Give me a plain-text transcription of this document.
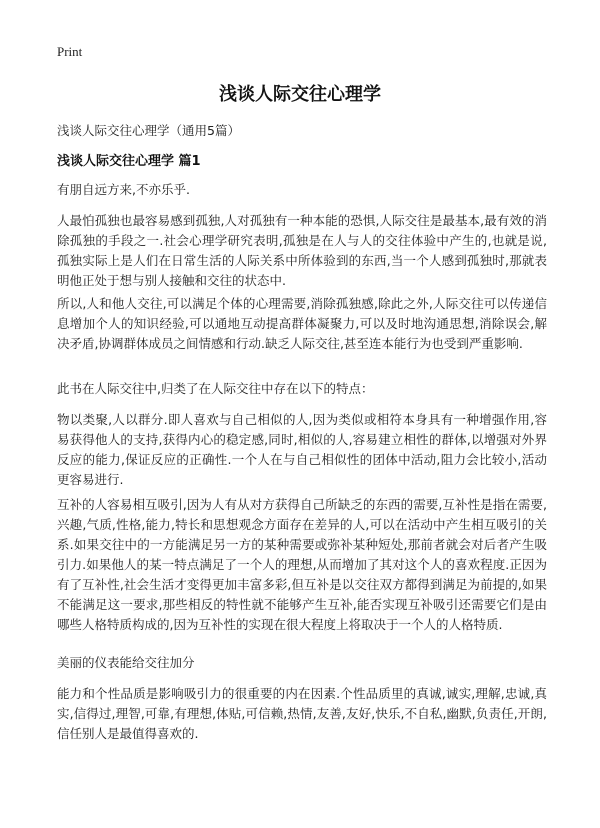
Print
浅谈人际交往心理学
浅谈人际交往心理学（通用5篇）
浅谈人际交往心理学 篇1

有朋自远方来,不亦乐乎.

人最怕孤独也最容易感到孤独,人对孤独有一种本能的恐惧,人际交往是最基本,最有效的消除孤独的手段之一.社会心理学研究表明,孤独是在人与人的交往体验中产生的,也就是说,孤独实际上是人们在日常生活的人际关系中所体验到的东西,当一个人感到孤独时,那就表明他正处于想与别人接触和交往的状态中.

所以,人和他人交往,可以满足个体的心理需要,消除孤独感,除此之外,人际交往可以传递信息增加个人的知识经验,可以通地互动提高群体凝聚力,可以及时地沟通思想,消除误会,解决矛盾,协调群体成员之间情感和行动.缺乏人际交往,甚至连本能行为也受到严重影响.

此书在人际交往中,归类了在人际交往中存在以下的特点：

物以类聚,人以群分.即人喜欢与自己相似的人,因为类似或相符本身具有一种增强作用,容易获得他人的支持,获得内心的稳定感,同时,相似的人,容易建立相性的群体,以增强对外界反应的能力,保证反应的正确性.一个人在与自己相似性的团体中活动,阻力会比较小,活动更容易进行.

互补的人容易相互吸引,因为人有从对方获得自己所缺乏的东西的需要,互补性是指在需要,兴趣,气质,性格,能力,特长和思想观念方面存在差异的人,可以在活动中产生相互吸引的关系.如果交往中的一方能满足另一方的某种需要或弥补某种短处,那前者就会对后者产生吸引力.如果他人的某一特点满足了一个人的理想,从而增加了其对这个人的喜欢程度.正因为有了互补性,社会生活才变得更加丰富多彩,但互补是以交往双方都得到满足为前提的,如果不能满足这一要求,那些相反的特性就不能够产生互补,能否实现互补吸引还需要它们是由哪些人格特质构成的,因为互补性的实现在很大程度上将取决于一个人的人格特质.

美丽的仪表能给交往加分

能力和个性品质是影响吸引力的很重要的内在因素.个性品质里的真诚,诚实,理解,忠诚,真实,信得过,理智,可靠,有理想,体贴,可信赖,热情,友善,友好,快乐,不自私,幽默,负责任,开朗,信任别人是最值得喜欢的.
